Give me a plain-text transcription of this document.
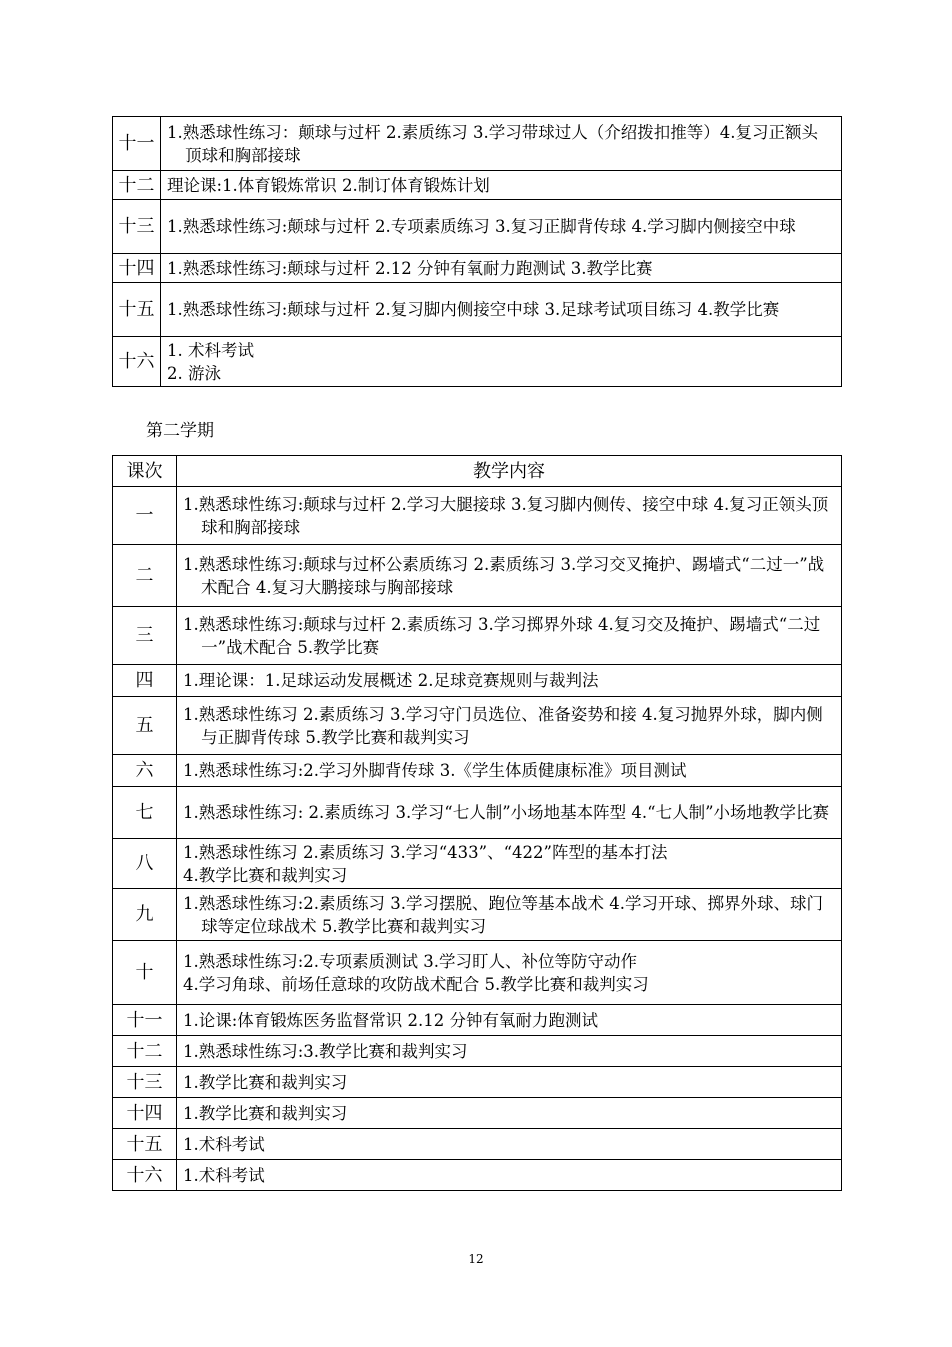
十一	1.熟悉球性练习：颠球与过杆 2.素质练习 3.学习带球过人（介绍拨扣推等）4.复习正额头顶球和胸部接球

十二	理论课:1.体育锻炼常识 2.制订体育锻炼计划

十三	1.熟悉球性练习:颠球与过杆 2.专项素质练习 3.复习正脚背传球 4.学习脚内侧接空中球

十四	1.熟悉球性练习:颠球与过杆 2.12 分钟有氧耐力跑测试 3.教学比赛

十五	1.熟悉球性练习:颠球与过杆 2.复习脚内侧接空中球 3.足球考试项目练习 4.教学比赛

十六	1. 术科考试
2. 游泳
第二学期
课次	教学内容
一	1.熟悉球性练习:颠球与过杆 2.学习大腿接球 3.复习脚内侧传、接空中球 4.复习正领头顶球和胸部接球

二	1.熟悉球性练习:颠球与过杯公素质练习 2.素质练习 3.学习交叉掩护、踢墙式“二过一”战术配合 4.复习大鹏接球与胸部接球

三	1.熟悉球性练习:颠球与过杆 2.素质练习 3.学习掷界外球 4.复习交及掩护、踢墙式“二过一”战术配合 5.教学比赛

四	1.理论课：1.足球运动发展概述 2.足球竞赛规则与裁判法

五	1.熟悉球性练习 2.素质练习 3.学习守门员选位、准备姿势和接 4.复习抛界外球，脚内侧与正脚背传球 5.教学比赛和裁判实习

六	1.熟悉球性练习:2.学习外脚背传球 3.《学生体质健康标准》项目测试

七	1.熟悉球性练习: 2.素质练习 3.学习“七人制”小场地基本阵型 4.“七人制”小场地教学比赛

八	1.熟悉球性练习 2.素质练习 3.学习“433”、“422”阵型的基本打法
4.教学比赛和裁判实习

九	1.熟悉球性练习:2.素质练习 3.学习摆脱、跑位等基本战术 4.学习开球、掷界外球、球门球等定位球战术 5.教学比赛和裁判实习

十	1.熟悉球性练习:2.专项素质测试 3.学习盯人、补位等防守动作
4.学习角球、前场任意球的攻防战术配合 5.教学比赛和裁判实习

十一	1.论课:体育锻炼医务监督常识 2.12 分钟有氧耐力跑测试

十二	1.熟悉球性练习:3.教学比赛和裁判实习

十三	1.教学比赛和裁判实习

十四	1.教学比赛和裁判实习

十五	1.术科考试

十六	1.术科考试
12
